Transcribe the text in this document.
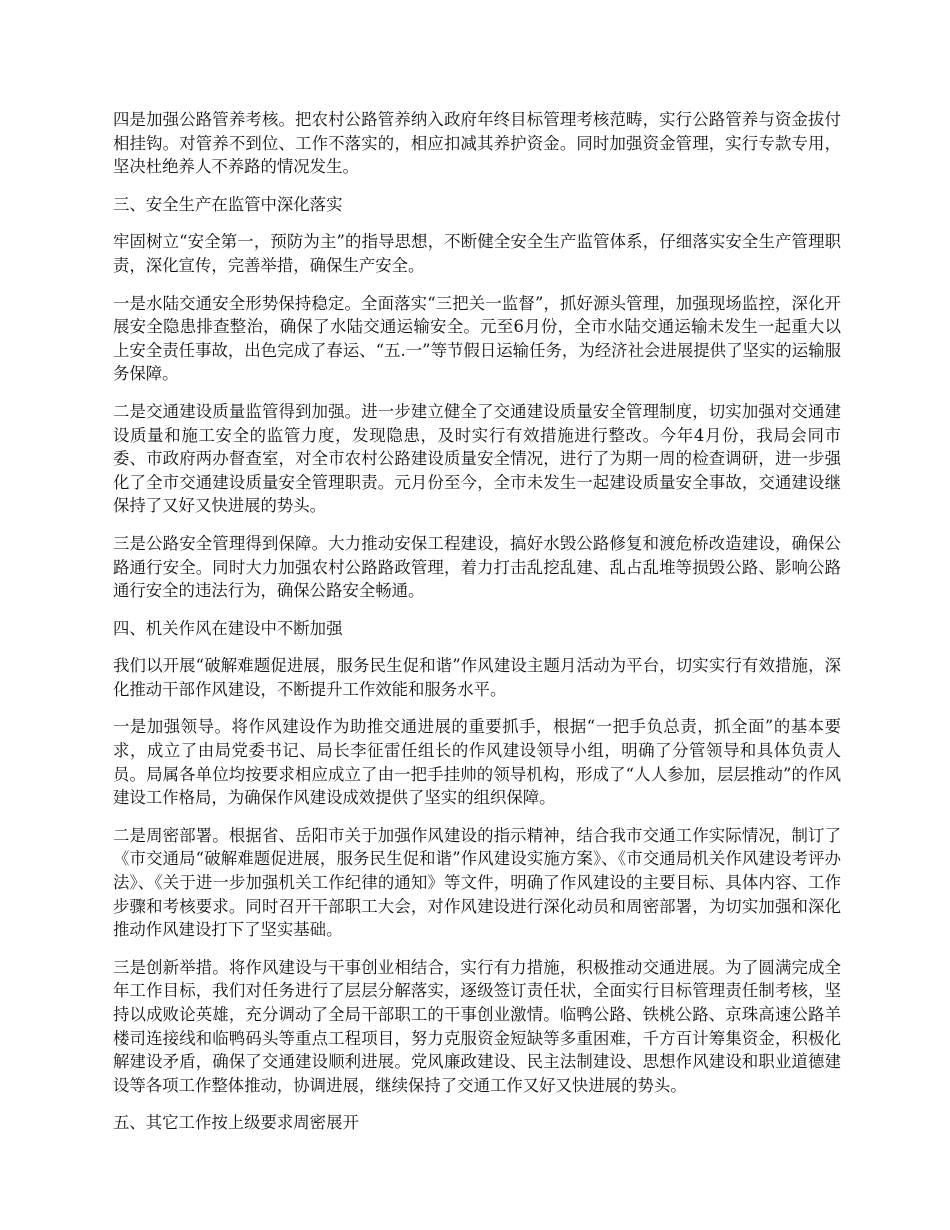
四是加强公路管养考核。把农村公路管养纳入政府年终目标管理考核范畴，实行公路管养与资金拔付相挂钩。对管养不到位、工作不落实的，相应扣减其养护资金。同时加强资金管理，实行专款专用，坚决杜绝养人不养路的情况发生。

三、安全生产在监管中深化落实

牢固树立“安全第一，预防为主”的指导思想，不断健全安全生产监管体系，仔细落实安全生产管理职责，深化宣传，完善举措，确保生产安全。

一是水陆交通安全形势保持稳定。全面落实“三把关一监督”，抓好源头管理，加强现场监控，深化开展安全隐患排查整治，确保了水陆交通运输安全。元至6月份，全市水陆交通运输未发生一起重大以上安全责任事故，出色完成了春运、“五.一”等节假日运输任务，为经济社会进展提供了坚实的运输服务保障。

二是交通建设质量监管得到加强。进一步建立健全了交通建设质量安全管理制度，切实加强对交通建设质量和施工安全的监管力度，发现隐患，及时实行有效措施进行整改。今年4月份，我局会同市委、市政府两办督查室，对全市农村公路建设质量安全情况，进行了为期一周的检查调研，进一步强化了全市交通建设质量安全管理职责。元月份至今，全市未发生一起建设质量安全事故，交通建设继保持了又好又快进展的势头。

三是公路安全管理得到保障。大力推动安保工程建设，搞好水毁公路修复和渡危桥改造建设，确保公路通行安全。同时大力加强农村公路路政管理，着力打击乱挖乱建、乱占乱堆等损毁公路、影响公路通行安全的违法行为，确保公路安全畅通。

四、机关作风在建设中不断加强

我们以开展“破解难题促进展，服务民生促和谐”作风建设主题月活动为平台，切实实行有效措施，深化推动干部作风建设，不断提升工作效能和服务水平。

一是加强领导。将作风建设作为助推交通进展的重要抓手，根据“一把手负总责，抓全面”的基本要求，成立了由局党委书记、局长李征雷任组长的作风建设领导小组，明确了分管领导和具体负责人员。局属各单位均按要求相应成立了由一把手挂帅的领导机构，形成了“人人参加，层层推动”的作风建设工作格局，为确保作风建设成效提供了坚实的组织保障。

二是周密部署。根据省、岳阳市关于加强作风建设的指示精神，结合我市交通工作实际情况，制订了《市交通局“破解难题促进展，服务民生促和谐”作风建设实施方案》、《市交通局机关作风建设考评办法》、《关于进一步加强机关工作纪律的通知》等文件，明确了作风建设的主要目标、具体内容、工作步骤和考核要求。同时召开干部职工大会，对作风建设进行深化动员和周密部署，为切实加强和深化推动作风建设打下了坚实基础。

三是创新举措。将作风建设与干事创业相结合，实行有力措施，积极推动交通进展。为了圆满完成全年工作目标，我们对任务进行了层层分解落实，逐级签订责任状，全面实行目标管理责任制考核，坚持以成败论英雄，充分调动了全局干部职工的干事创业激情。临鸭公路、铁桃公路、京珠高速公路羊楼司连接线和临鸭码头等重点工程项目，努力克服资金短缺等多重困难，千方百计筹集资金，积极化解建设矛盾，确保了交通建设顺利进展。党风廉政建设、民主法制建设、思想作风建设和职业道德建设等各项工作整体推动，协调进展，继续保持了交通工作又好又快进展的势头。

五、其它工作按上级要求周密展开
